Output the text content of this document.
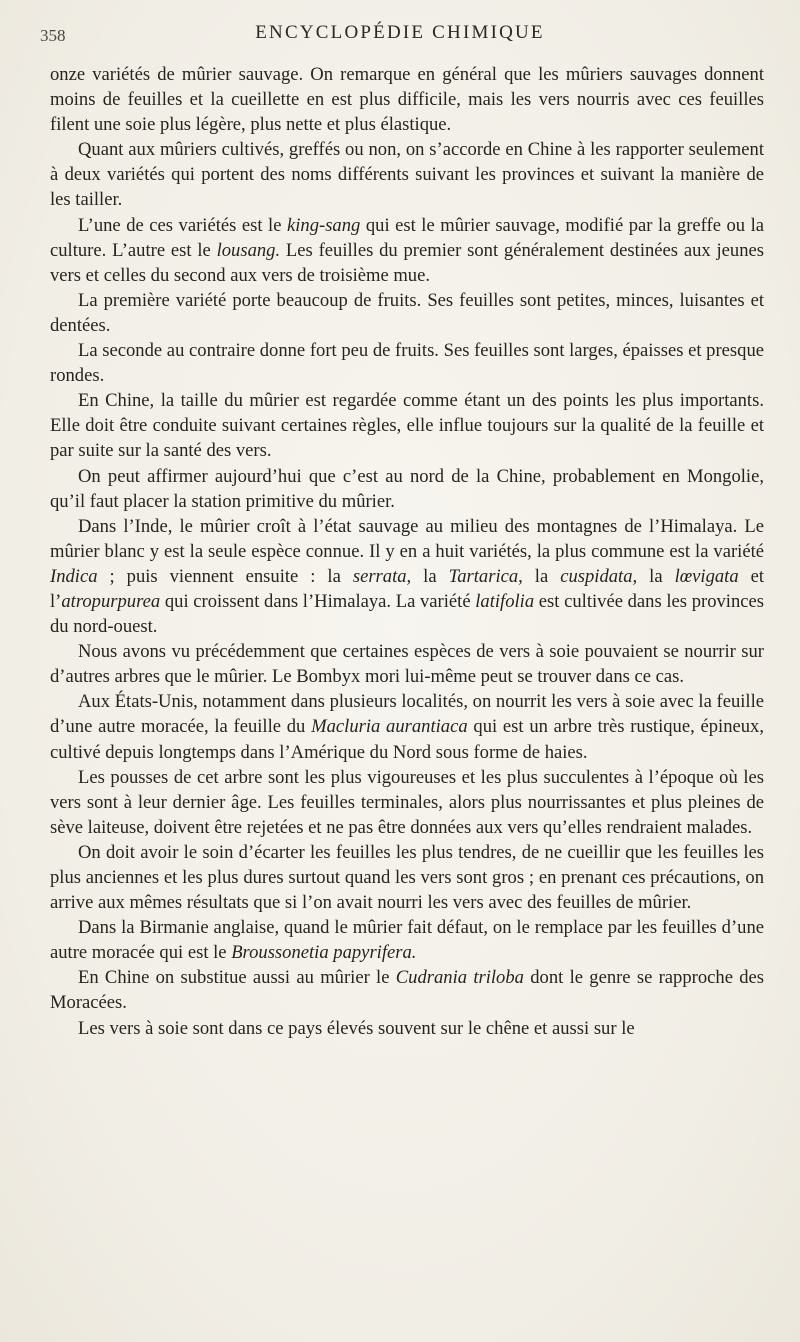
358	ENCYCLOPÉDIE CHIMIQUE

onze variétés de mûrier sauvage. On remarque en général que les mûriers sauvages donnent moins de feuilles et la cueillette en est plus difficile, mais les vers nourris avec ces feuilles filent une soie plus légère, plus nette et plus élastique.

Quant aux mûriers cultivés, greffés ou non, on s’accorde en Chine à les rapporter seulement à deux variétés qui portent des noms différents suivant les provinces et suivant la manière de les tailler.

L’une de ces variétés est le king-sang qui est le mûrier sauvage, modifié par la greffe ou la culture. L’autre est le lousang. Les feuilles du premier sont généralement destinées aux jeunes vers et celles du second aux vers de troisième mue.

La première variété porte beaucoup de fruits. Ses feuilles sont petites, minces, luisantes et dentées.

La seconde au contraire donne fort peu de fruits. Ses feuilles sont larges, épaisses et presque rondes.

En Chine, la taille du mûrier est regardée comme étant un des points les plus importants. Elle doit être conduite suivant certaines règles, elle influe toujours sur la qualité de la feuille et par suite sur la santé des vers.

On peut affirmer aujourd’hui que c’est au nord de la Chine, probablement en Mongolie, qu’il faut placer la station primitive du mûrier.

Dans l’Inde, le mûrier croît à l’état sauvage au milieu des montagnes de l’Himalaya. Le mûrier blanc y est la seule espèce connue. Il y en a huit variétés, la plus commune est la variété Indica ; puis viennent ensuite : la serrata, la Tartarica, la cuspidata, la lœvigata et l’atropurpurea qui croissent dans l’Himalaya. La variété latifolia est cultivée dans les provinces du nord-ouest.

Nous avons vu précédemment que certaines espèces de vers à soie pouvaient se nourrir sur d’autres arbres que le mûrier. Le Bombyx mori lui-même peut se trouver dans ce cas.

Aux États-Unis, notamment dans plusieurs localités, on nourrit les vers à soie avec la feuille d’une autre moracée, la feuille du Macluria aurantiaca qui est un arbre très rustique, épineux, cultivé depuis longtemps dans l’Amérique du Nord sous forme de haies.

Les pousses de cet arbre sont les plus vigoureuses et les plus succulentes à l’époque où les vers sont à leur dernier âge. Les feuilles terminales, alors plus nourrissantes et plus pleines de sève laiteuse, doivent être rejetées et ne pas être données aux vers qu’elles rendraient malades.

On doit avoir le soin d’écarter les feuilles les plus tendres, de ne cueillir que les feuilles les plus anciennes et les plus dures surtout quand les vers sont gros ; en prenant ces précautions, on arrive aux mêmes résultats que si l’on avait nourri les vers avec des feuilles de mûrier.

Dans la Birmanie anglaise, quand le mûrier fait défaut, on le remplace par les feuilles d’une autre moracée qui est le Broussonetia papyrifera.

En Chine on substitue aussi au mûrier le Cudrania triloba dont le genre se rapproche des Moracées.

Les vers à soie sont dans ce pays élevés souvent sur le chêne et aussi sur le
